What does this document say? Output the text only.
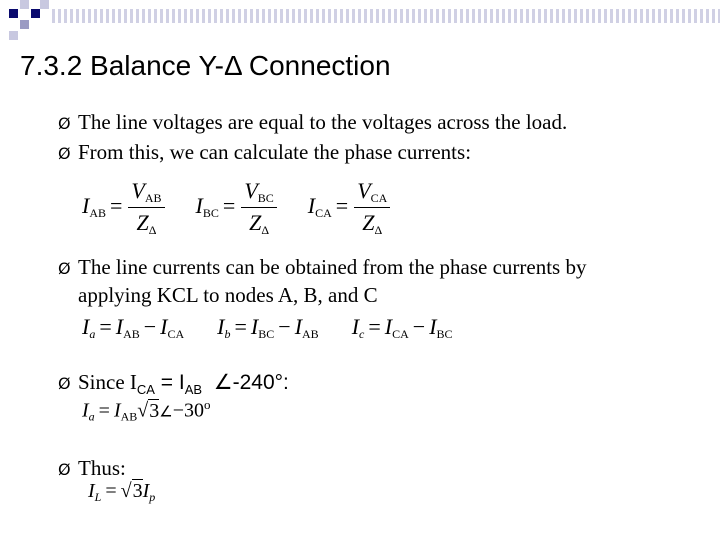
7.3.2 Balance Y-Δ Connection
Ø The line voltages are equal to the voltages across the load.
Ø From this, we can calculate the phase currents:
$I_{AB} = \frac{V_{AB}}{Z_\Delta} I_{BC} = \frac{V_{BC}}{Z_\Delta} I_{CA} = \frac{V_{CA}}{Z_\Delta}$
Ø The line currents can be obtained from the phase currents by
applying KCL to nodes A, B, and C
$I_a = I_{AB} - I_{CA}$ $I_b = I_{BC} - I_{AB}$ $I_c = I_{CA} - I_{BC}$
Ø Since $I_{CA} = I_{AB}$ ∠-240°:
$I_a$ = $I_{AB}√3\angle-30^o$
Ø Thus:
$I_L = √3I_p$
